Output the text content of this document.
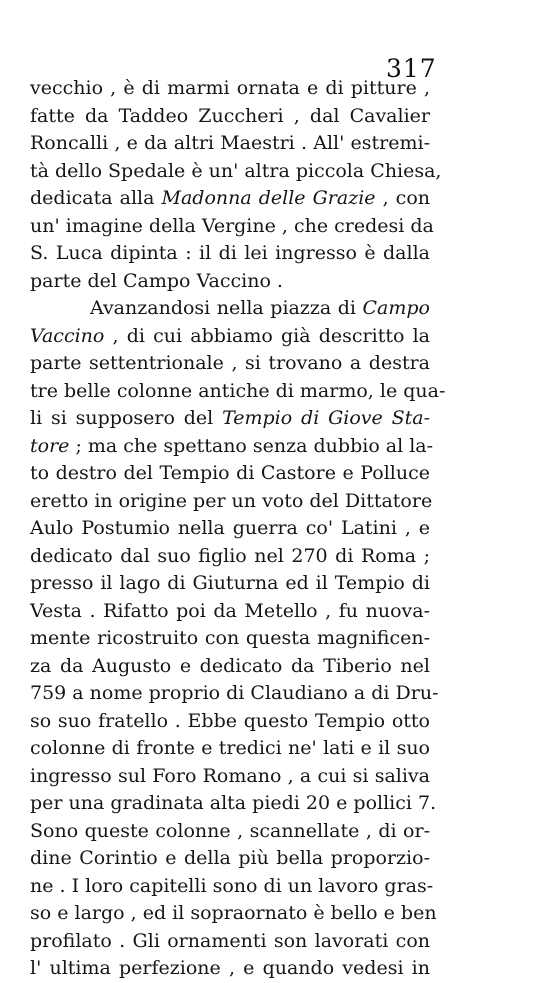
317
vecchio , è di marmi ornata e di pitture ,
fatte da Taddeo Zuccheri , dal Cavalier
Roncalli , e da altri Maestri . All' estremi-
tà dello Spedale è un' altra piccola Chiesa,
dedicata alla Madonna delle Grazie , con
un' imagine della Vergine , che credesi da
S. Luca dipinta : il di lei ingresso è dalla
parte del Campo Vaccino .
Avanzandosi nella piazza di Campo
Vaccino , di cui abbiamo già descritto la
parte settentrionale , si trovano a destra
tre belle colonne antiche di marmo, le qua-
li si supposero del Tempio di Giove Sta-
tore ; ma che spettano senza dubbio al la-
to destro del Tempio di Castore e Polluce
eretto in origine per un voto del Dittatore
Aulo Postumio nella guerra co' Latini , e
dedicato dal suo figlio nel 270 di Roma ;
presso il lago di Giuturna ed il Tempio di
Vesta . Rifatto poi da Metello , fu nuova-
mente ricostruito con questa magnificen-
za da Augusto e dedicato da Tiberio nel
759 a nome proprio di Claudiano a di Dru-
so suo fratello . Ebbe questo Tempio otto
colonne di fronte e tredici ne' lati e il suo
ingresso sul Foro Romano , a cui si saliva
per una gradinata alta piedi 20 e pollici 7.
Sono queste colonne , scannellate , di or-
dine Corintio e della più bella proporzio-
ne . I loro capitelli sono di un lavoro gras-
so e largo , ed il sopraornato è bello e ben
profilato . Gli ornamenti son lavorati con
l' ultima perfezione , e quando vedesi in
